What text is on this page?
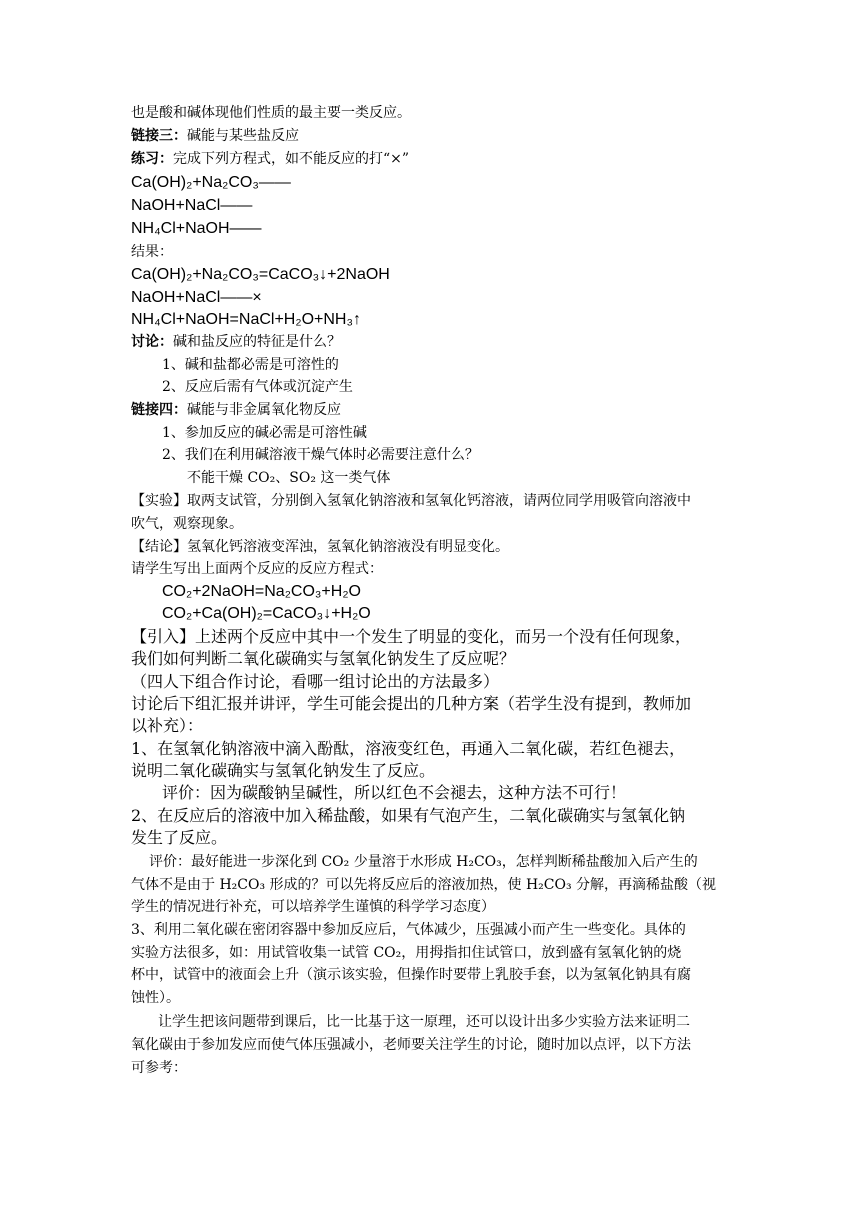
也是酸和碱体现他们性质的最主要一类反应。
链接三：碱能与某些盐反应
练习：完成下列方程式，如不能反应的打“×”
Ca(OH)₂+Na₂CO₃——
NaOH+NaCl——
NH₄Cl+NaOH——
结果：
Ca(OH)₂+Na₂CO₃=CaCO₃↓+2NaOH
NaOH+NaCl——×
NH₄Cl+NaOH=NaCl+H₂O+NH₃↑
讨论：碱和盐反应的特征是什么？
1、碱和盐都必需是可溶性的
2、反应后需有气体或沉淀产生
链接四：碱能与非金属氧化物反应
1、参加反应的碱必需是可溶性碱
2、我们在利用碱溶液干燥气体时必需要注意什么？
不能干燥 CO₂、SO₂ 这一类气体
【实验】取两支试管，分别倒入氢氧化钠溶液和氢氧化钙溶液，请两位同学用吸管向溶液中
吹气，观察现象。
【结论】氢氧化钙溶液变浑浊，氢氧化钠溶液没有明显变化。
请学生写出上面两个反应的反应方程式：
CO₂+2NaOH=Na₂CO₃+H₂O
CO₂+Ca(OH)₂=CaCO₃↓+H₂O
【引入】上述两个反应中其中一个发生了明显的变化，而另一个没有任何现象，
我们如何判断二氧化碳确实与氢氧化钠发生了反应呢？
（四人下组合作讨论，看哪一组讨论出的方法最多）
讨论后下组汇报并讲评，学生可能会提出的几种方案（若学生没有提到，教师加
以补充）：
1、在氢氧化钠溶液中滴入酚酞，溶液变红色，再通入二氧化碳，若红色褪去，
说明二氧化碳确实与氢氧化钠发生了反应。
评价：因为碳酸钠呈碱性，所以红色不会褪去，这种方法不可行！
2、在反应后的溶液中加入稀盐酸，如果有气泡产生，二氧化碳确实与氢氧化钠
发生了反应。
评价：最好能进一步深化到 CO₂ 少量溶于水形成 H₂CO₃，怎样判断稀盐酸加入后产生的
气体不是由于 H₂CO₃ 形成的？可以先将反应后的溶液加热，使 H₂CO₃ 分解，再滴稀盐酸（视
学生的情况进行补充，可以培养学生谨慎的科学学习态度）
3、利用二氧化碳在密闭容器中参加反应后，气体减少，压强减小而产生一些变化。具体的
实验方法很多，如：用试管收集一试管 CO₂，用拇指扣住试管口，放到盛有氢氧化钠的烧
杯中，试管中的液面会上升（演示该实验，但操作时要带上乳胶手套，以为氢氧化钠具有腐
蚀性）。
让学生把该问题带到课后，比一比基于这一原理，还可以设计出多少实验方法来证明二
氧化碳由于参加发应而使气体压强减小，老师要关注学生的讨论，随时加以点评，以下方法
可参考：
